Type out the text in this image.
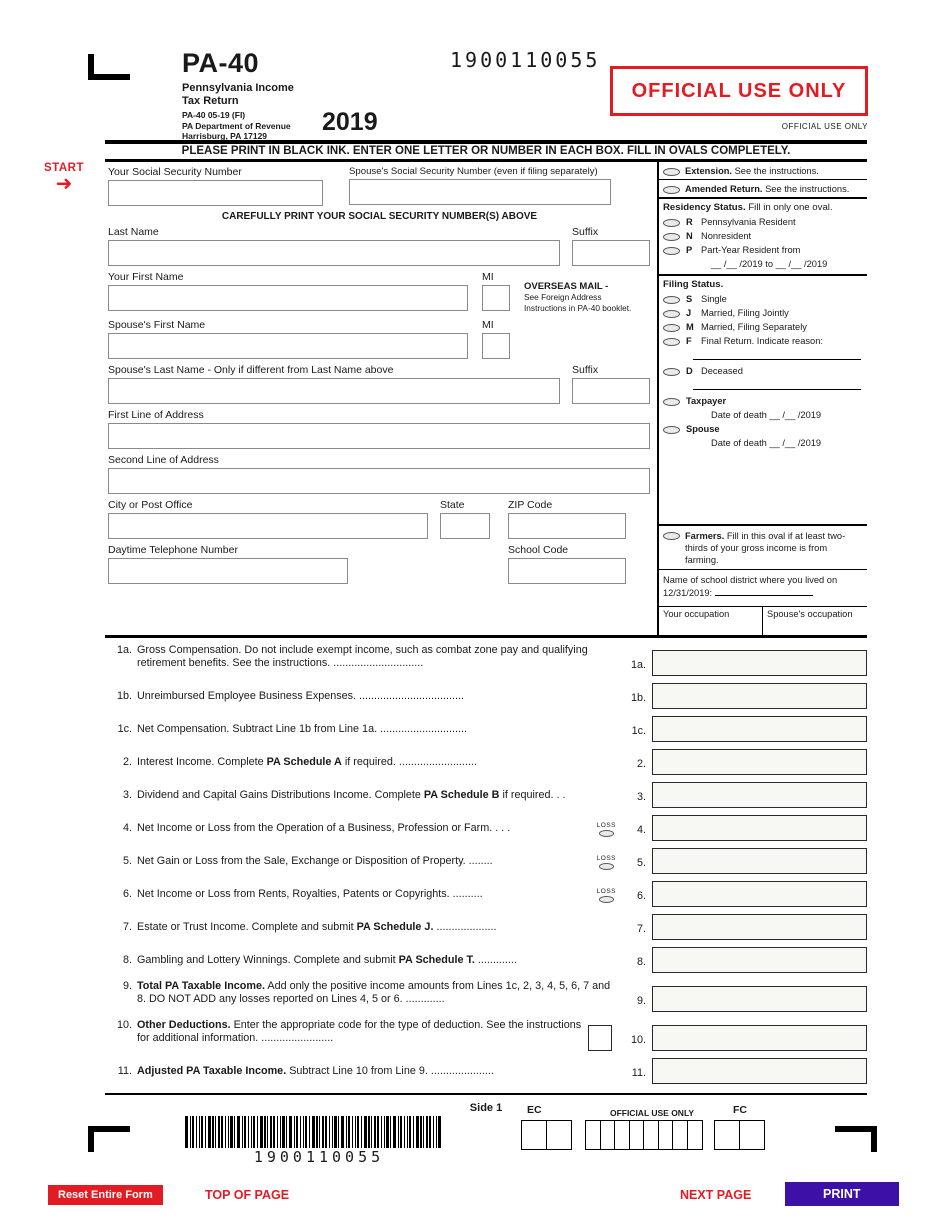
PA-40
Pennsylvania Income
Tax Return
PA-40 05-19 (FI)
PA Department of Revenue
Harrisburg, PA 17129
2019
1900110055
OFFICIAL USE ONLY
OFFICIAL USE ONLY
START
➜
PLEASE PRINT IN BLACK INK. ENTER ONE LETTER OR NUMBER IN EACH BOX. FILL IN OVALS COMPLETELY.
Your Social Security Number	Spouse's Social Security Number (even if filing separately)
CAREFULLY PRINT YOUR SOCIAL SECURITY NUMBER(S) ABOVE
Last Name	Suffix
Your First Name	MI
OVERSEAS MAIL -
See Foreign Address Instructions in PA-40 booklet.
Spouse's First Name	MI
Spouse's Last Name - Only if different from Last Name above	Suffix
First Line of Address
Second Line of Address
City or Post Office	State	ZIP Code
Daytime Telephone Number	School Code
Extension. See the instructions.
Amended Return. See the instructions.
Residency Status. Fill in only one oval.
R Pennsylvania Resident
N Nonresident
P Part-Year Resident from
__ /__ /2019 to __ /__ /2019
Filing Status.
S Single
J	Married, Filing Jointly
M Married, Filing Separately
F	Final Return. Indicate reason:
D Deceased
Taxpayer
Date of death __ /__ /2019
Spouse
Date of death __ /__ /2019
Farmers. Fill in this oval if at least two-thirds of your gross income is from farming.
Name of school district where you lived on 12/31/2019:
Your occupation	Spouse's occupation
1a. Gross Compensation. Do not include exempt income, such as combat zone pay and qualifying retirement benefits. See the instructions. ..............................	1a.
1b. Unreimbursed Employee Business Expenses. ...................................	1b.
1c. Net Compensation. Subtract Line 1b from Line 1a. .............................	1c.
2. Interest Income. Complete PA Schedule A if required. ..........................	2.
3. Dividend and Capital Gains Distributions Income. Complete PA Schedule B if required. . .	3.
4. Net Income or Loss from the Operation of a Business, Profession or Farm. . . .	LOSS	4.
5. Net Gain or Loss from the Sale, Exchange or Disposition of Property. ........	LOSS	5.
6. Net Income or Loss from Rents, Royalties, Patents or Copyrights. ..........	LOSS	6.
7. Estate or Trust Income. Complete and submit PA Schedule J. ....................	7.
8. Gambling and Lottery Winnings. Complete and submit PA Schedule T. .............	8.
9. Total PA Taxable Income. Add only the positive income amounts from Lines 1c, 2, 3, 4, 5, 6, 7 and 8. DO NOT ADD any losses reported on Lines 4, 5 or 6. .............	9.
10. Other Deductions. Enter the appropriate code for the type of deduction. See the instructions for additional information. ........................	10.
11. Adjusted PA Taxable Income. Subtract Line 10 from Line 9. .....................	11.
Side 1
1900110055
EC	OFFICIAL USE ONLY	FC
Reset Entire Form	TOP OF PAGE	NEXT PAGE	PRINT
